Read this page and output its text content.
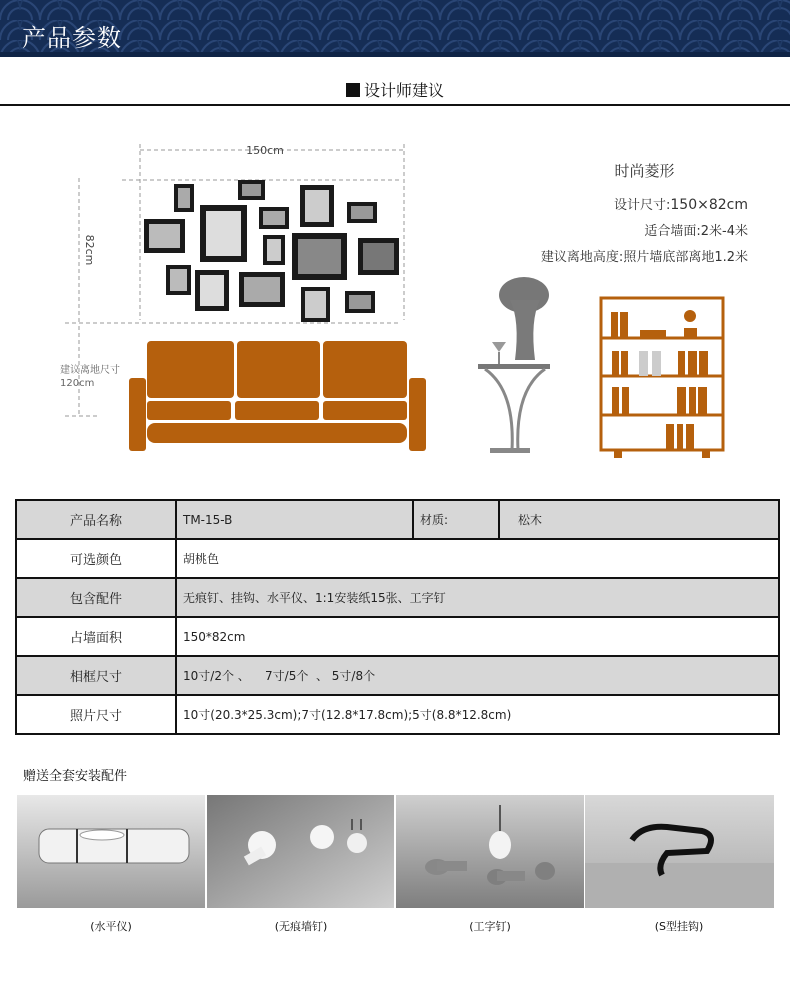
产品参数
设计师建议
150cm
82cm
建议离地尺寸
120cm
时尚菱形
设计尺寸:150×82cm
适合墙面:2米-4米
建议离地高度:照片墙底部离地1.2米
产品名称	TM-15-B	材质:	松木
可选颜色	胡桃色		
包含配件	无痕钉、挂钩、水平仪、1:1安装纸15张、工字钉		
占墙面积	150*82cm		
相框尺寸	10寸/2个 、    7寸/5个  、 5寸/8个		
照片尺寸	10寸(20.3*25.3cm);7寸(12.8*17.8cm);5寸(8.8*12.8cm)		
赠送全套安装配件
(水平仪)	(无痕墙钉)	(工字钉)	(S型挂钩)
